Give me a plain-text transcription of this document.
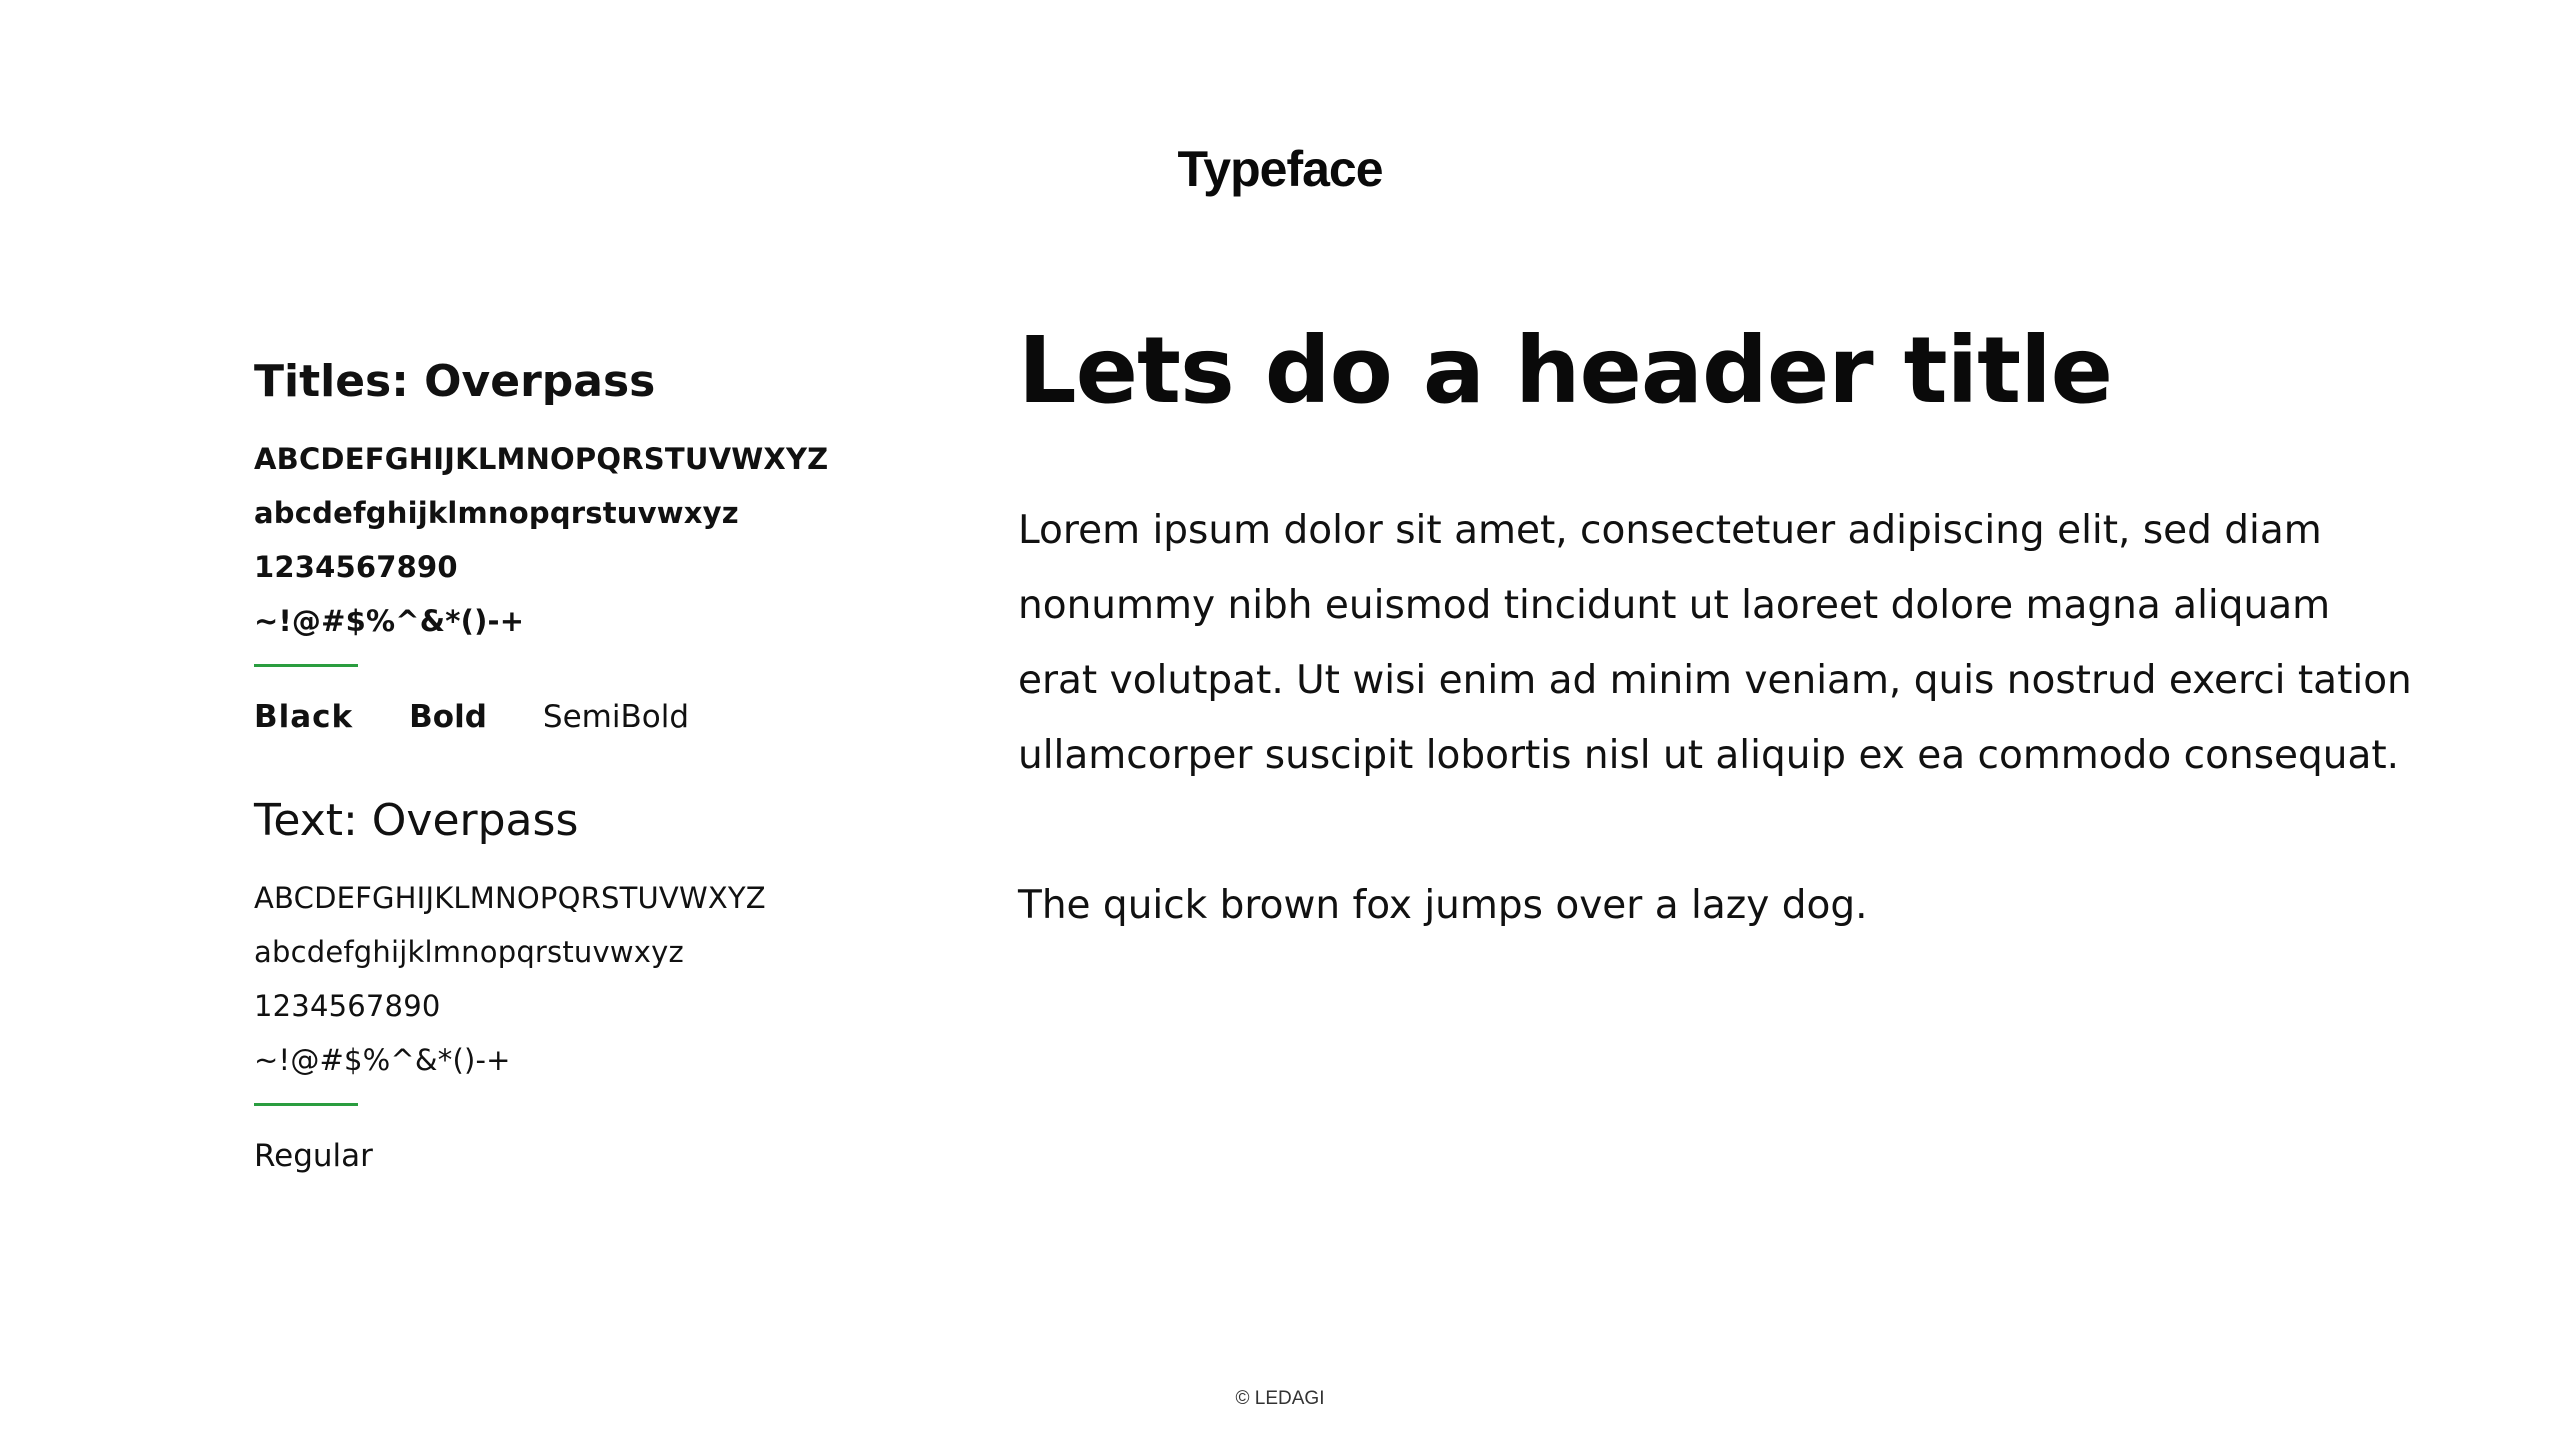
Typeface

Titles: Overpass

ABCDEFGHIJKLMNOPQRSTUVWXYZ

abcdefghijklmnopqrstuvwxyz

1234567890

~!@#$%^&*()-+

Black Bold SemiBold

Text: Overpass

ABCDEFGHIJKLMNOPQRSTUVWXYZ

abcdefghijklmnopqrstuvwxyz

1234567890

~!@#$%^&*()-+

Regular
Lets do a header title

Lorem ipsum dolor sit amet, consectetuer adipiscing elit, sed diam nonummy nibh euismod tincidunt ut laoreet dolore magna aliquam erat volutpat. Ut wisi enim ad minim veniam, quis nostrud exerci tation ullamcorper suscipit lobortis nisl ut aliquip ex ea commodo consequat.

The quick brown fox jumps over a lazy dog.

© LEDAGI
